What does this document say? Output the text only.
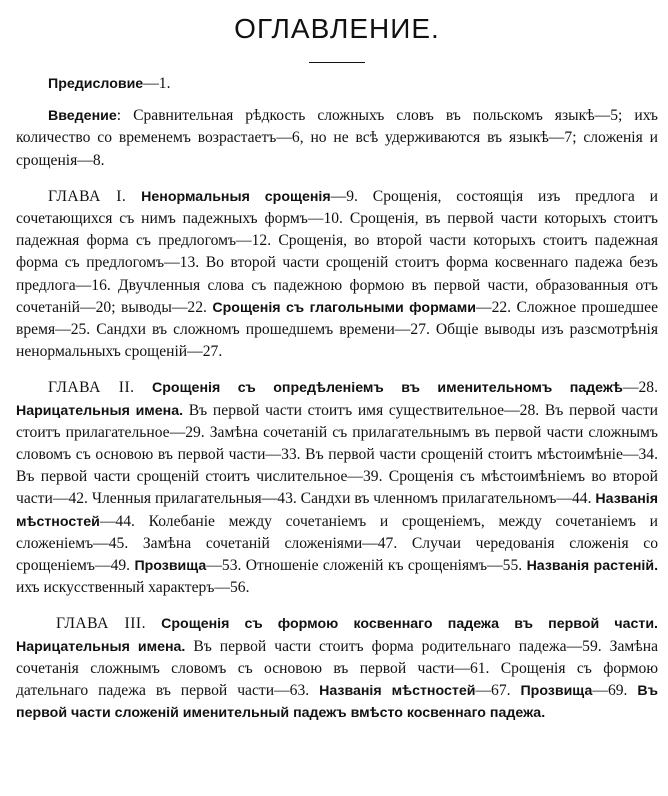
ОГЛАВЛЕНИЕ.
Предисловие—1.
Введение: Сравнительная рѣдкость сложныхъ словъ въ польскомъ языкѣ—5; ихъ количество со временемъ возрастаетъ—6, но не всѣ удерживаются въ языкѣ—7; сложенія и срощенія—8.
ГЛАВА I. Ненормальныя срощенія—9. Срощенія, состоящія изъ предлога и сочетающихся съ нимъ падежныхъ формъ—10. Срощенія, въ первой части которыхъ стоитъ падежная форма съ предлогомъ—12. Срощенія, во второй части которыхъ стоитъ падежная форма съ предлогомъ—13. Во второй части срощеній стоитъ форма косвеннаго падежа безъ предлога—16. Двучленныя слова съ падежною формою въ первой части, образованныя отъ сочетаній—20; выводы—22. Срощенія съ глагольными формами—22. Сложное прошедшее время—25. Сандхи въ сложномъ прошедшемъ времени—27. Общіе выводы изъ разсмотрѣнія ненормальныхъ срощеній—27.
ГЛАВА II. Срощенія съ опредѣленіемъ въ именительномъ падежѣ—28. Нарицательныя имена. Въ первой части стоитъ имя существительное—28. Въ первой части стоитъ прилагательное—29. Замѣна сочетаній съ прилагательнымъ въ первой части сложнымъ словомъ съ основою въ первой части—33. Въ первой части срощеній стоитъ мѣстоимѣніе—34. Въ первой части срощеній стоитъ числительное—39. Срощенія съ мѣстоимѣніемъ во второй части—42. Членныя прилагательныя—43. Сандхи въ членномъ прилагательномъ—44. Названія мѣстностей—44. Колебаніе между сочетаніемъ и срощеніемъ, между сочетаніемъ и сложеніемъ—45. Замѣна сочетаній сложеніями—47. Случаи чередованія сложенія со срощеніемъ—49. Прозвища—53. Отношеніе сложеній къ срощеніямъ—55. Названія растеній. ихъ искусственный характеръ—56.
ГЛАВА III. Срощенія съ формою косвеннаго падежа въ первой части. Нарицательныя имена. Въ первой части стоитъ форма родительнаго падежа—59. Замѣна сочетанія сложнымъ словомъ съ основою въ первой части—61. Срощенія съ формою дательнаго падежа въ первой части—63. Названія мѣстностей—67. Прозвища—69. Въ первой части сложеній именительный падежъ вмѣсто косвеннаго падежа.
